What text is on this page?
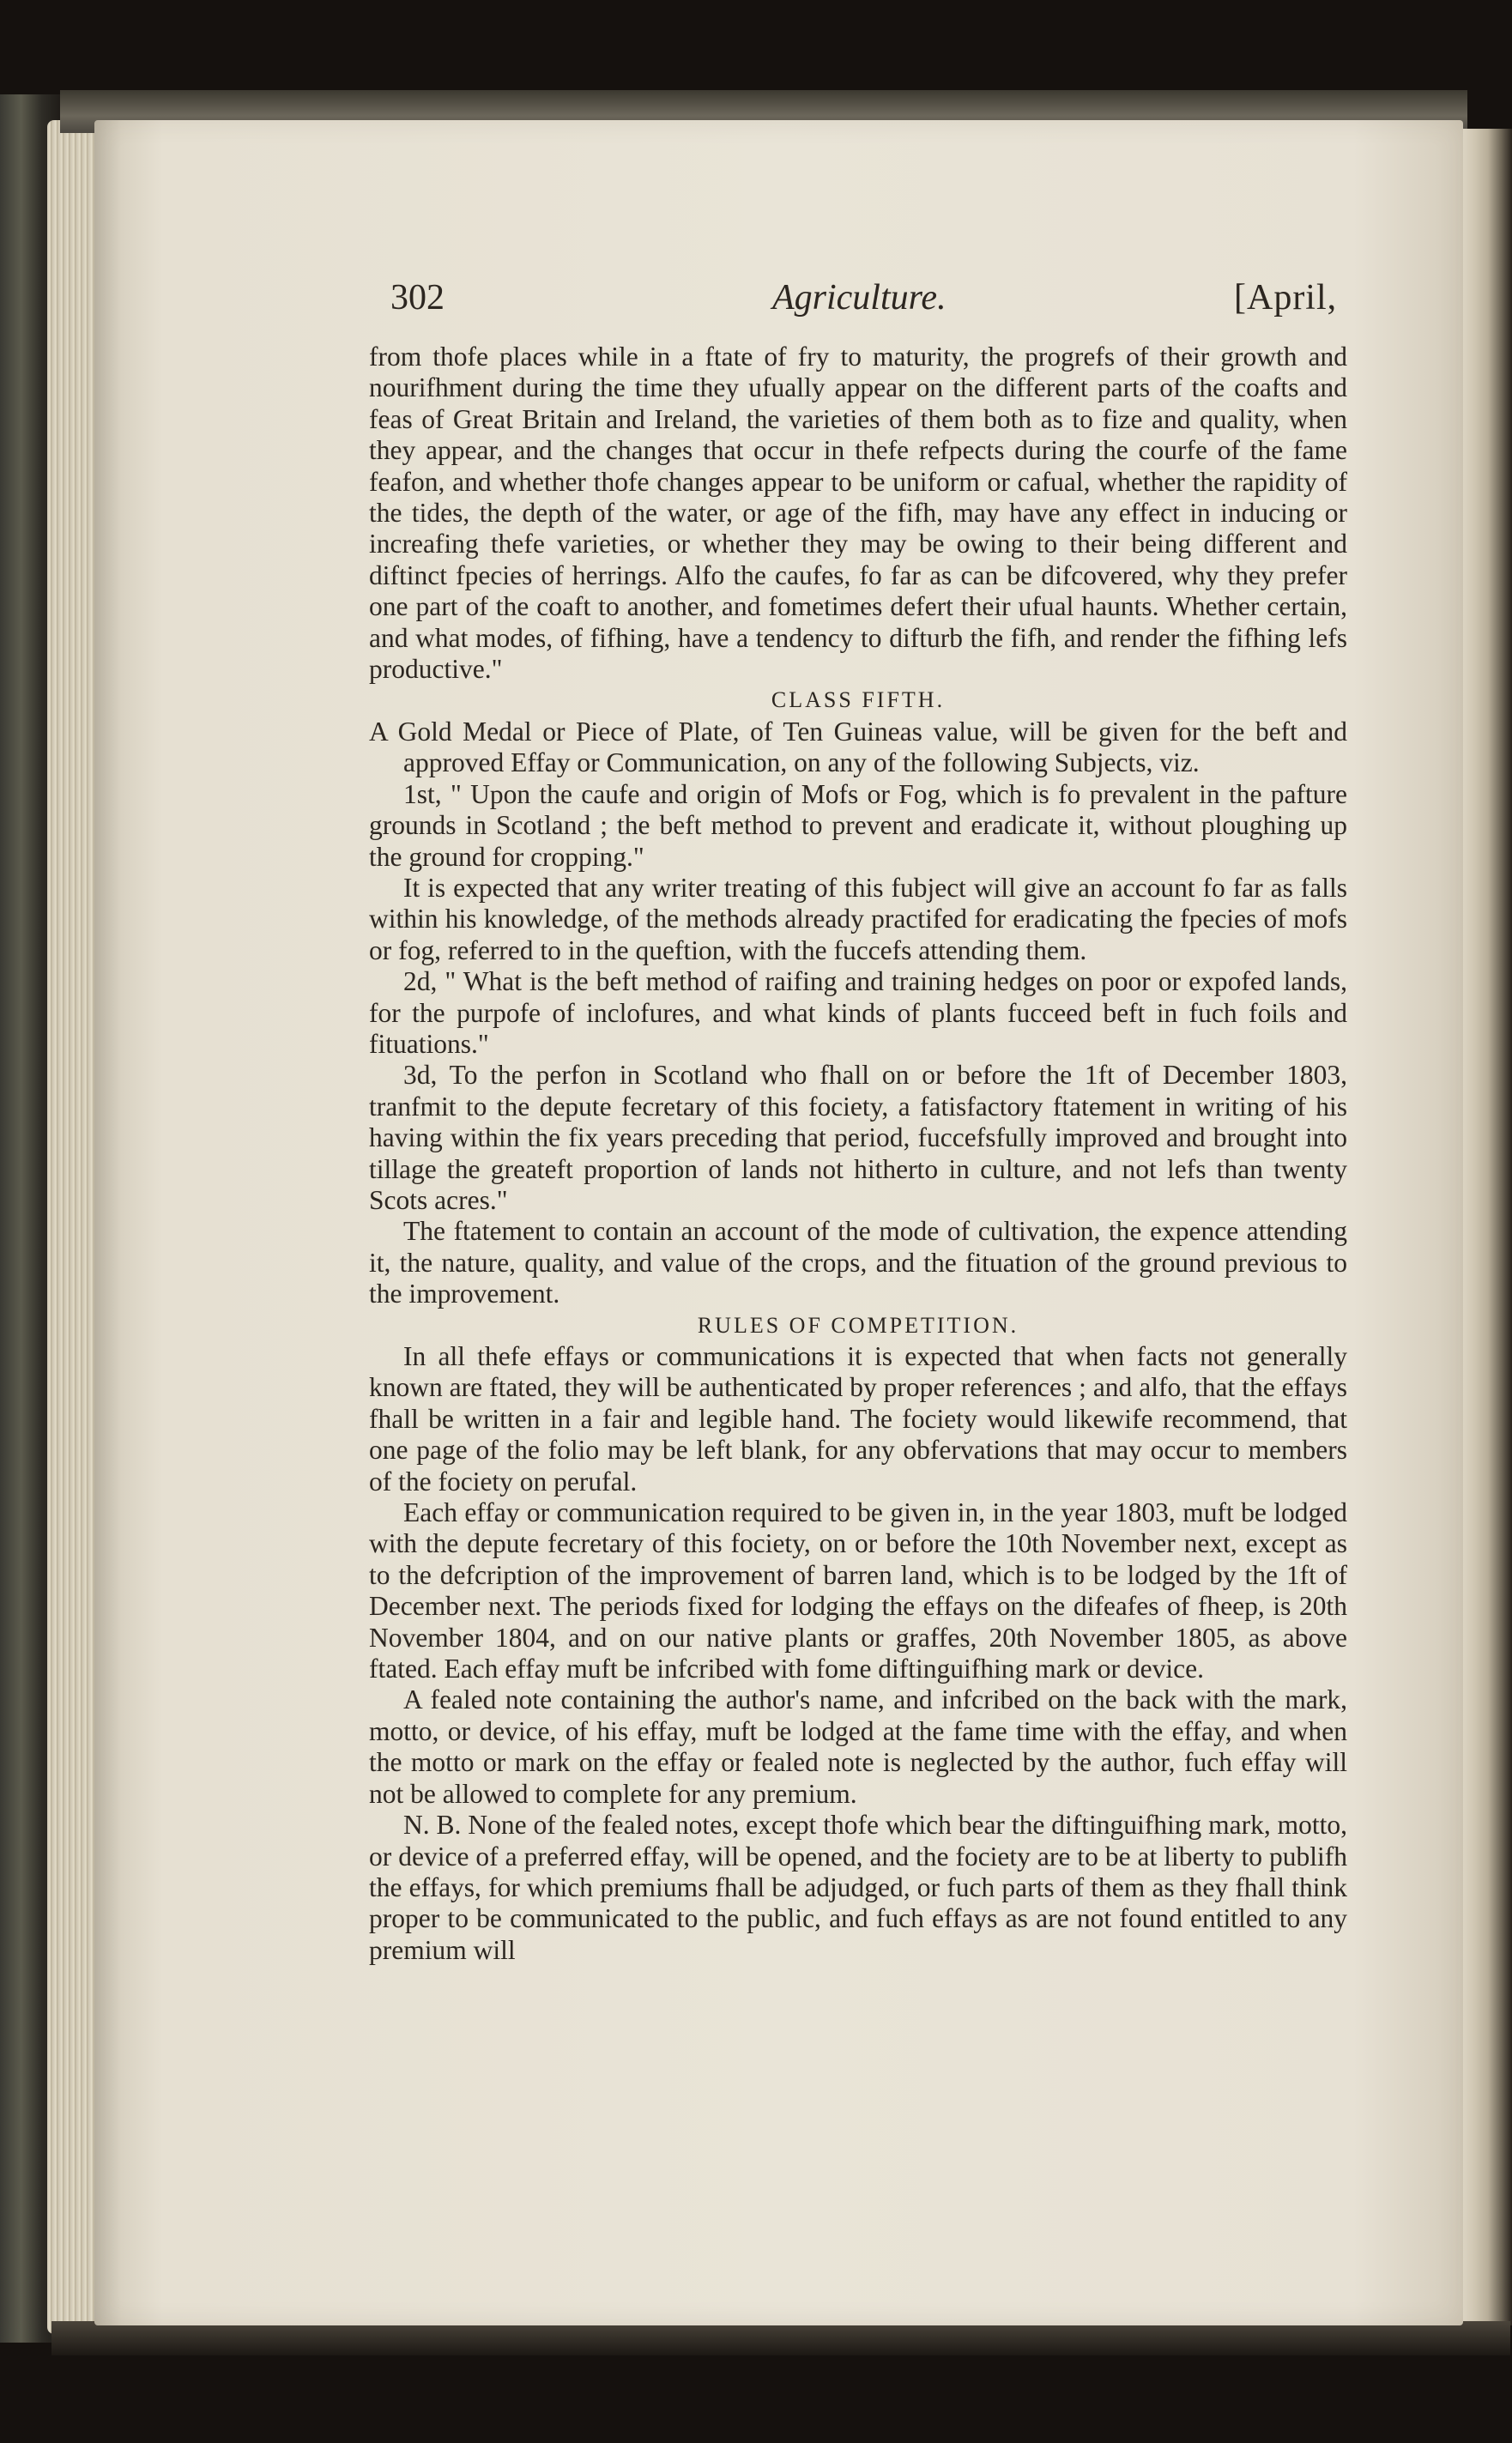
302	Agriculture.	[April,

from thofe places while in a ftate of fry to maturity, the progrefs of their growth and nourifhment during the time they ufually appear on the different parts of the coafts and feas of Great Britain and Ireland, the varieties of them both as to fize and quality, when they appear, and the changes that occur in thefe refpects during the courfe of the fame feafon, and whether thofe changes appear to be uniform or cafual, whether the rapidity of the tides, the depth of the water, or age of the fifh, may have any effect in inducing or increafing thefe varieties, or whether they may be owing to their being different and diftinct fpecies of herrings. Alfo the caufes, fo far as can be difcovered, why they prefer one part of the coaft to another, and fometimes defert their ufual haunts. Whether certain, and what modes, of fifhing, have a tendency to difturb the fifh, and render the fifhing lefs productive."

CLASS FIFTH.

A Gold Medal or Piece of Plate, of Ten Guineas value, will be given for the beft and approved Effay or Communication, on any of the following Subjects, viz.

1st, " Upon the caufe and origin of Mofs or Fog, which is fo prevalent in the pafture grounds in Scotland ; the beft method to prevent and eradicate it, without ploughing up the ground for cropping."

It is expected that any writer treating of this fubject will give an account fo far as falls within his knowledge, of the methods already practifed for eradicating the fpecies of mofs or fog, referred to in the queftion, with the fuccefs attending them.

2d, " What is the beft method of raifing and training hedges on poor or expofed lands, for the purpofe of inclofures, and what kinds of plants fucceed beft in fuch foils and fituations."

3d, To the perfon in Scotland who fhall on or before the 1ft of December 1803, tranfmit to the depute fecretary of this fociety, a fatisfactory ftatement in writing of his having within the fix years preceding that period, fuccefsfully improved and brought into tillage the greateft proportion of lands not hitherto in culture, and not lefs than twenty Scots acres."

The ftatement to contain an account of the mode of cultivation, the expence attending it, the nature, quality, and value of the crops, and the fituation of the ground previous to the improvement.

RULES OF COMPETITION.

In all thefe effays or communications it is expected that when facts not generally known are ftated, they will be authenticated by proper references ; and alfo, that the effays fhall be written in a fair and legible hand. The fociety would likewife recommend, that one page of the folio may be left blank, for any obfervations that may occur to members of the fociety on perufal.

Each effay or communication required to be given in, in the year 1803, muft be lodged with the depute fecretary of this fociety, on or before the 10th November next, except as to the defcription of the improvement of barren land, which is to be lodged by the 1ft of December next. The periods fixed for lodging the effays on the difeafes of fheep, is 20th November 1804, and on our native plants or graffes, 20th November 1805, as above ftated. Each effay muft be infcribed with fome diftinguifhing mark or device.

A fealed note containing the author's name, and infcribed on the back with the mark, motto, or device, of his effay, muft be lodged at the fame time with the effay, and when the motto or mark on the effay or fealed note is neglected by the author, fuch effay will not be allowed to complete for any premium.

N. B. None of the fealed notes, except thofe which bear the diftinguifhing mark, motto, or device of a preferred effay, will be opened, and the fociety are to be at liberty to publifh the effays, for which premiums fhall be adjudged, or fuch parts of them as they fhall think proper to be communicated to the public, and fuch effays as are not found entitled to any premium will
